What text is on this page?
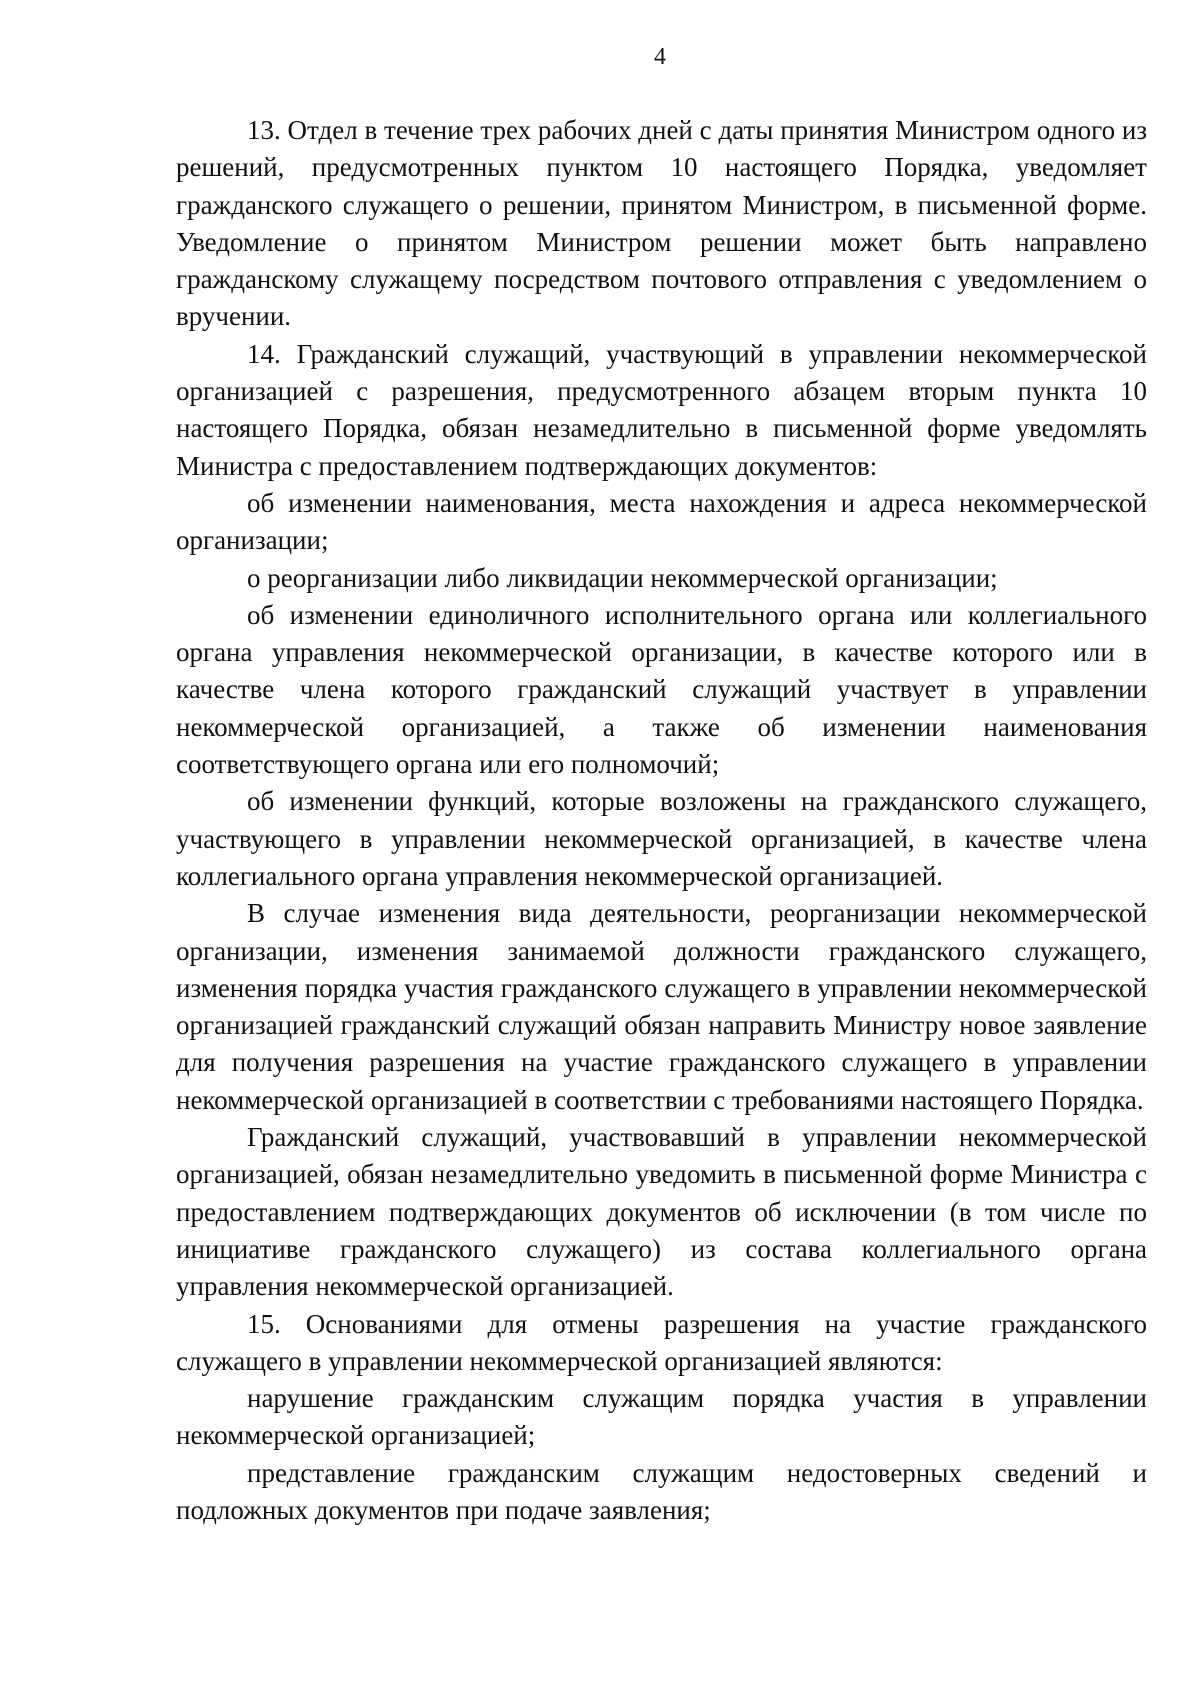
4

13. Отдел в течение трех рабочих дней с даты принятия Министром одного из решений, предусмотренных пунктом 10 настоящего Порядка, уведомляет гражданского служащего о решении, принятом Министром, в письменной форме. Уведомление о принятом Министром решении может быть направлено гражданскому служащему посредством почтового отправления с уведомлением о вручении.

14. Гражданский служащий, участвующий в управлении некоммерческой организацией с разрешения, предусмотренного абзацем вторым пункта 10 настоящего Порядка, обязан незамедлительно в письменной форме уведомлять Министра с предоставлением подтверждающих документов:

об изменении наименования, места нахождения и адреса некоммерческой организации;

о реорганизации либо ликвидации некоммерческой организации;

об изменении единоличного исполнительного органа или коллегиального органа управления некоммерческой организации, в качестве которого или в качестве члена которого гражданский служащий участвует в управлении некоммерческой организацией, а также об изменении наименования соответствующего органа или его полномочий;

об изменении функций, которые возложены на гражданского служащего, участвующего в управлении некоммерческой организацией, в качестве члена коллегиального органа управления некоммерческой организацией.

В случае изменения вида деятельности, реорганизации некоммерческой организации, изменения занимаемой должности гражданского служащего, изменения порядка участия гражданского служащего в управлении некоммерческой организацией гражданский служащий обязан направить Министру новое заявление для получения разрешения на участие гражданского служащего в управлении некоммерческой организацией в соответствии с требованиями настоящего Порядка.

Гражданский служащий, участвовавший в управлении некоммерческой организацией, обязан незамедлительно уведомить в письменной форме Министра с предоставлением подтверждающих документов об исключении (в том числе по инициативе гражданского служащего) из состава коллегиального органа управления некоммерческой организацией.

15. Основаниями для отмены разрешения на участие гражданского служащего в управлении некоммерческой организацией являются:

нарушение гражданским служащим порядка участия в управлении некоммерческой организацией;

представление гражданским служащим недостоверных сведений и подложных документов при подаче заявления;
